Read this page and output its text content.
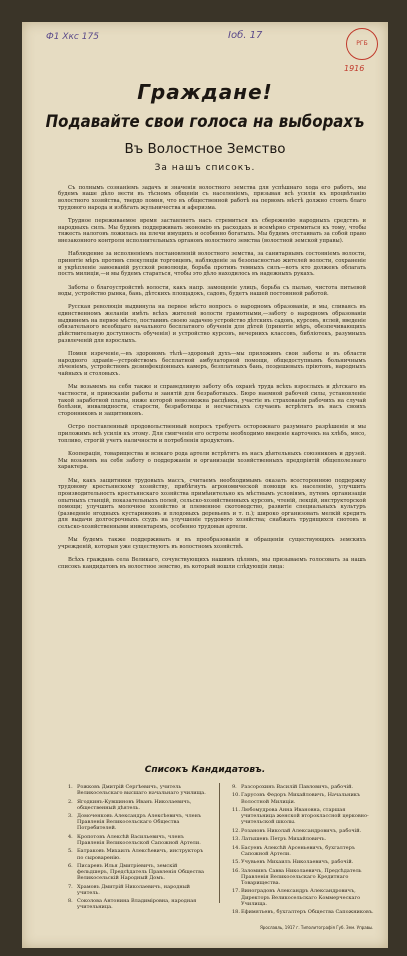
Ф1 Хкс 175	Iоб. 17
РГБ
1916
Граждане!
Подавайте свои голоса на выборахъ
Въ Волостное Земство
За нашъ списокъ.

Съ полнымъ сознаніемъ задачъ и значенія волостного земства для успѣшнаго хода его работъ, мы будемъ наше дѣло вести въ тѣсномъ общеніи съ населеніемъ, призывая всѣ усилія къ процвѣтанію волостного хозяйства, твердо помня, что въ общественной работѣ на первомъ мѣстѣ должно стоять благо трудового народа и избѣгать жульничества и аферизма.

Трудное переживаемое время заставляетъ насъ стремиться къ сбереженію народныхъ средствъ и народныхъ силъ. Мы будемъ поддерживать экономію въ расходахъ и всемѣрно стремиться къ тому, чтобы тяжесть налоговъ ложилась на плечи имущихъ и особенно богатыхъ. Мы будемъ отстаивать за собой право внезаконного контроля исполнительныхъ органовъ волостного земства (волостной земской управы).

Наблюдение за исполненіемъ постановленій волостного земства, за санитарнымъ состояніемъ волости, принятіе мѣръ противъ спекуляціи торговцевъ, наблюденіе за безопасностью жителей волости, сохраненіе и укрѣпленіе завоеваній русской революціи, борьба противъ темныхъ силъ—вотъ кто долженъ облагать постъ милиціи,—и мы будемъ стараться, чтобы это дѣло находилось въ надежныхъ рукахъ.

Заботы о благоустройствѣ волости, какъ напр. замощеніе улицъ, борьба съ пылью, чистота питьевой воды, устройство рынка, бань, дѣтскихъ площадокъ, садовъ, будетъ нашей постоянной работой.

Русская революція выдвинула на первое мѣсто вопросъ о народномъ образованіи, и мы, сливаясь въ единственномъ желаніи имѣть всѣхъ жителей волости грамотными,—заботу о народномъ образованіи выдвинемъ на первое мѣсто, поставивъ своею задачею устройство дѣтскихъ садовъ, курсовъ, яслей, введеніе обязательного всеобщаго начального бесплатного обученія для дѣтей (принятіе мѣръ, обезпечивающихъ дѣйствительную доступность обученія) и устройство курсовъ, вечернихъ классовъ, библіотекъ, разумныхъ развлеченій для взрослыхъ.

Помня изреченіе,—въ здоровомъ тѣлѣ—здоровый духъ—мы приложимъ свои заботы и въ области народного здравія—устройствомъ бесплатной амбулаторной помощи, общедоступнымъ больничнымъ лѣченіемъ, устройствомъ дезинфекціонныхъ камеръ, безплатныхъ бань, поэдешевыхъ пріютовъ, народныхъ чайныхъ и столовыхъ.

Мы возьмемъ на себя также и справедливую заботу объ охранѣ труда всѣхъ взрослыхъ и дѣтскаго въ частности, и приисканіи работы и занятій для безработныхъ. Бюро наемной рабочей силы, установленіе такой заработной платы, ниже которой невозможна расцѣнка, участіе въ страхованіи рабочихъ на случай болѣзни, инвалидности, старости, безработицы и несчастныхъ случаевъ встрѣтятъ въ насъ своихъ сторонниковъ и защитниковъ.

Остро поставленный продовольственный вопросъ требуетъ осторожнаго разумнаго разрѣшенія и мы приложимъ всѣ усилія къ этому. Для смягченія его остроты необходимо введеніе карточекъ на хлѣбъ, мясо, топливо, строгій учетъ наличности и потребленія продуктовъ.

Кооперація, товарищества и всякаго рода артели встрѣтятъ въ насъ дѣятельныхъ союзниковъ и друзей. Мы возьмемъ на себя заботу о поддержаніи и организаціи хозяйственныхъ предпріятій общеполезнаго характера.

Мы, какъ защитники трудовыхъ массъ, считаемъ необходимымъ оказать всестороннюю поддержку трудовому крестьянскому хозяйству, прибѣгнуть агрономической помощи къ населенію, улучшить производительность крестьянскаго хозяйства примѣнительно къ мѣстнымъ условіямъ, путемъ организаціи опытныхъ станцій, показательныхъ полей, сельско-хозяйственныхъ курсовъ, чтеній, лекцій, инструкторской помощи; улучшить молочное хозяйство и племенное скотоводство, развитіе специальныхъ культуръ (разведеніе ягодныхъ кустарниковъ и плодовыхъ деревьевъ и т. п.); широко организовать мелкій кредитъ для выдачи долгосрочныхъ ссудъ на улучшеніе трудового хозяйства; снабжать трудящихся снотовъ и сельско-хозяйственными инвентаремъ, особенно трудовыя артели.

Мы будемъ также поддерживать и въ преобразованія и обращеніи существующихъ земскихъ учрежденій, которыя уже существуютъ въ волостномъ хозяйствѣ.

Всѣхъ граждань села Великаго, сочувствующихъ нашимъ цѣлямъ, мы призываемъ голосовать за нашъ списокъ кандидатовъ въ волостное земство, въ который вошли слѣдующія лица:

Списокъ Кандидатовъ.
1. Рожковъ Дмитрій Сергѣевичъ, учитель Великосельскаго высшаго начальнаго училища.
2. Ягодкинъ-Кувшиновъ Иванъ Николаевичъ, общественный дѣятель.
3. Домоченковъ Александръ Алексѣевичъ, членъ Правленія Великосельскаго Общества Потребителей.
4. Кропотовъ Алексѣй Васильевичъ, членъ Правленія Великосельской Сапожной Артели.
5. Батраковъ Михаилъ Алексѣевичъ, инструкторъ по сыроваренію.
6. Писаревъ Илья Дмитріевичъ, земскій фельдшеръ, Предсѣдатель Правленія Общества Великосельскій Народный Домъ.
7. Храмовъ Дмитрій Николаевичъ, народный учитель.
8. Соколова Антонина Владиміровна, народная учительница.
9. Разсорохинъ Василій Павловичъ, рабочій.
10. Гарусовъ Федоръ Михайловичъ, Начальникъ Волостной Милиціи.
11. Любомудрова Анна Ивановна, старшая учительница женской второклассной церковно-учительской школы.
12. Розановъ Николай Александровичъ, рабочій.
13. Латышевъ Петръ Михайловичъ.
14. Басуевъ Алексѣй Арсеньевичъ, бухгалтеръ Сапожной Артели.
15. Учувьевъ Михаилъ Николаевичъ, рабочій.
16. Заломинъ Савва Николаевичъ, Предсѣдатель Правленія Великосельскаго Кредитнаго Товарищества.
17. Виноградовъ Александръ Александровичъ, Директоръ Великосельскаго Коммерческаго Училища.
18. Ефимятьевъ, бухгалтеръ Общества Сапожниковъ.
Ярославль, 1917 г. Типолитографія Губ. Зем. Управы.
